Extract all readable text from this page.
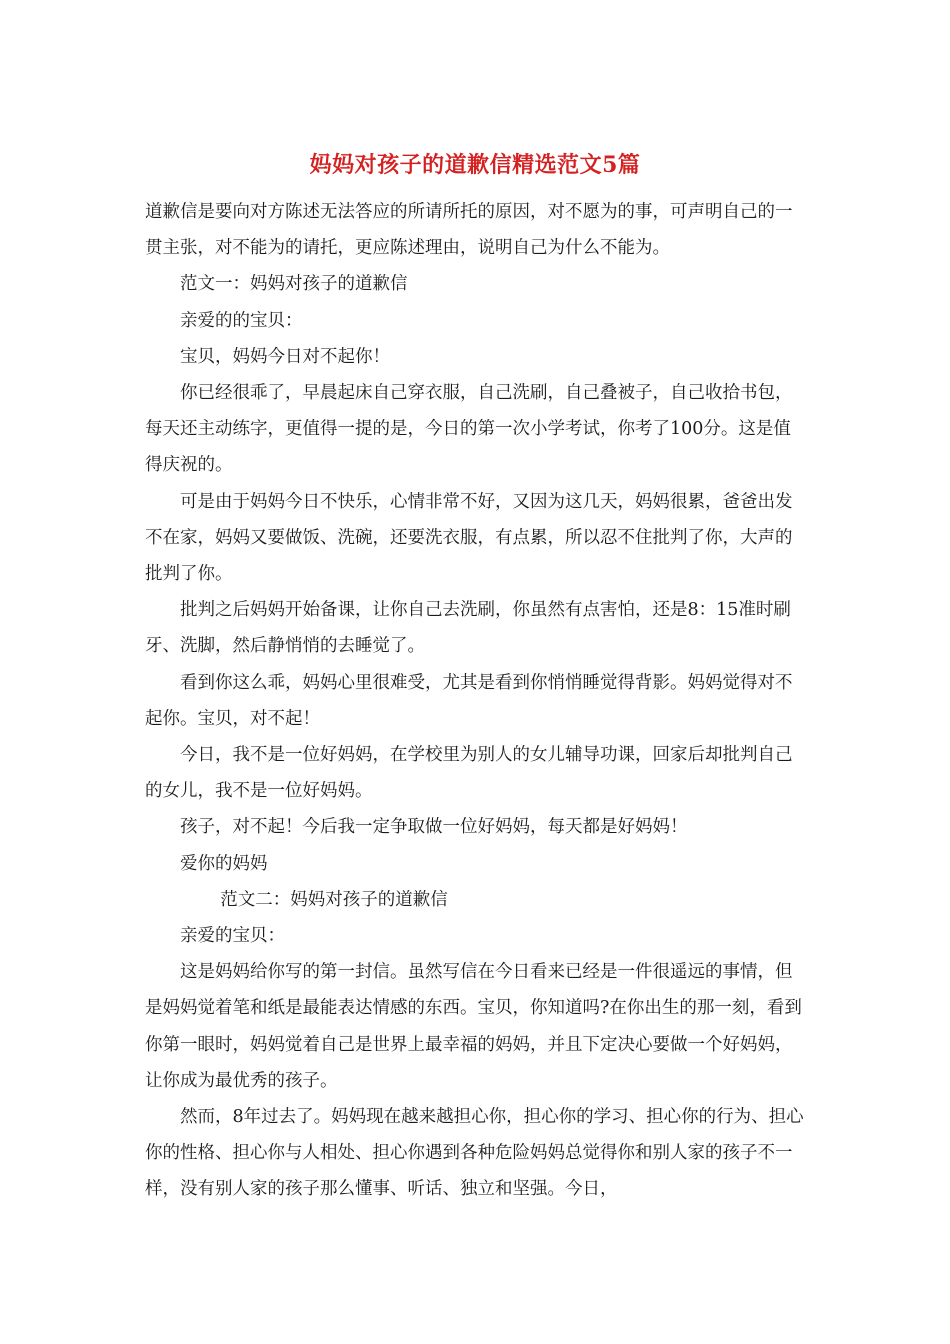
妈妈对孩子的道歉信精选范文5篇

道歉信是要向对方陈述无法答应的所请所托的原因，对不愿为的事，可声明自己的一贯主张，对不能为的请托，更应陈述理由，说明自己为什么不能为。

范文一：妈妈对孩子的道歉信

亲爱的的宝贝：

宝贝，妈妈今日对不起你！

你已经很乖了，早晨起床自己穿衣服，自己洗刷，自己叠被子，自己收拾书包，每天还主动练字，更值得一提的是，今日的第一次小学考试，你考了100分。这是值得庆祝的。

可是由于妈妈今日不快乐，心情非常不好，又因为这几天，妈妈很累，爸爸出发不在家，妈妈又要做饭、洗碗，还要洗衣服，有点累，所以忍不住批判了你，大声的批判了你。

批判之后妈妈开始备课，让你自己去洗刷，你虽然有点害怕，还是8：15准时刷牙、洗脚，然后静悄悄的去睡觉了。

看到你这么乖，妈妈心里很难受，尤其是看到你悄悄睡觉得背影。妈妈觉得对不起你。宝贝，对不起！

今日，我不是一位好妈妈，在学校里为别人的女儿辅导功课，回家后却批判自己的女儿，我不是一位好妈妈。

孩子，对不起！今后我一定争取做一位好妈妈，每天都是好妈妈！

爱你的妈妈

范文二：妈妈对孩子的道歉信

亲爱的宝贝：

这是妈妈给你写的第一封信。虽然写信在今日看来已经是一件很遥远的事情，但是妈妈觉着笔和纸是最能表达情感的东西。宝贝，你知道吗?在你出生的那一刻，看到你第一眼时，妈妈觉着自己是世界上最幸福的妈妈，并且下定决心要做一个好妈妈，让你成为最优秀的孩子。

然而，8年过去了。妈妈现在越来越担心你，担心你的学习、担心你的行为、担心你的性格、担心你与人相处、担心你遇到各种危险妈妈总觉得你和别人家的孩子不一样，没有别人家的孩子那么懂事、听话、独立和坚强。今日，
